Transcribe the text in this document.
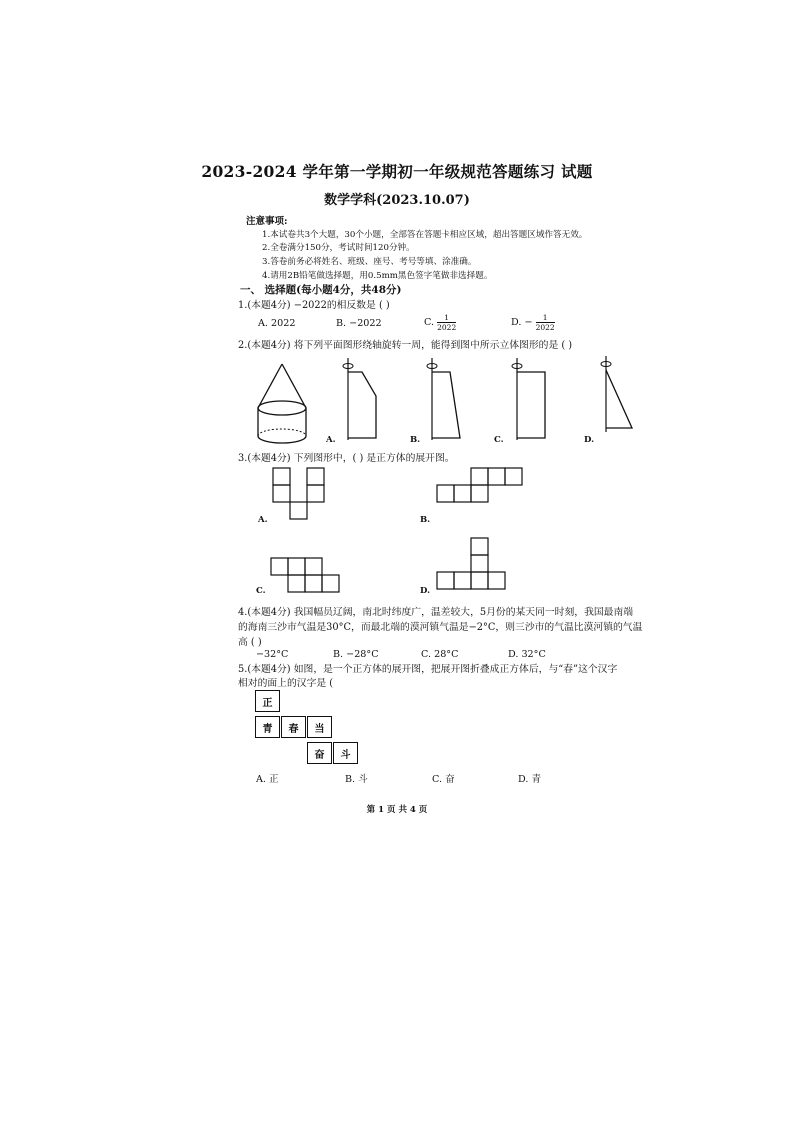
2023-2024 学年第一学期初一年级规范答题练习 试题
数学学科(2023.10.07)
注意事项:
1.本试卷共3个大题，30个小题，全部答在答题卡相应区域，超出答题区域作答无效。
2.全卷满分150分，考试时间120分钟。
3.答卷前务必将姓名、班级、座号、考号等填、涂准确。
4.请用2B铅笔做选择题，用0.5mm黑色签字笔做非选择题。
一、 选择题(每小题4分，共48分)
1.(本题4分) −2022的相反数是 ( )
A. 2022	B. −2022	C. $\frac{1}{2022}$	D. − $\frac{1}{2022}$
2.(本题4分) 将下列平面图形绕轴旋转一周，能得到图中所示立体图形的是 ( )
A.	B.	C.	D.
3.(本题4分) 下列图形中，( ) 是正方体的展开图。
A.	B.
C.	D.
4.(本题4分) 我国幅员辽阔，南北时纬度广，温差较大，5月份的某天同一时刻，我国最南端
的海南三沙市气温是30°C，而最北端的漠河镇气温是−2°C，则三沙市的气温比漠河镇的气温
高 ( )
−32°C	B. −28°C	C. 28°C	D. 32°C
5.(本题4分) 如图，是一个正方体的展开图，把展开图折叠成正方体后，与“春”这个汉字
相对的面上的汉字是 (
正
青	春	当
奋	斗
A. 正	B. 斗	C. 奋	D. 青
第 1 页 共 4 页
